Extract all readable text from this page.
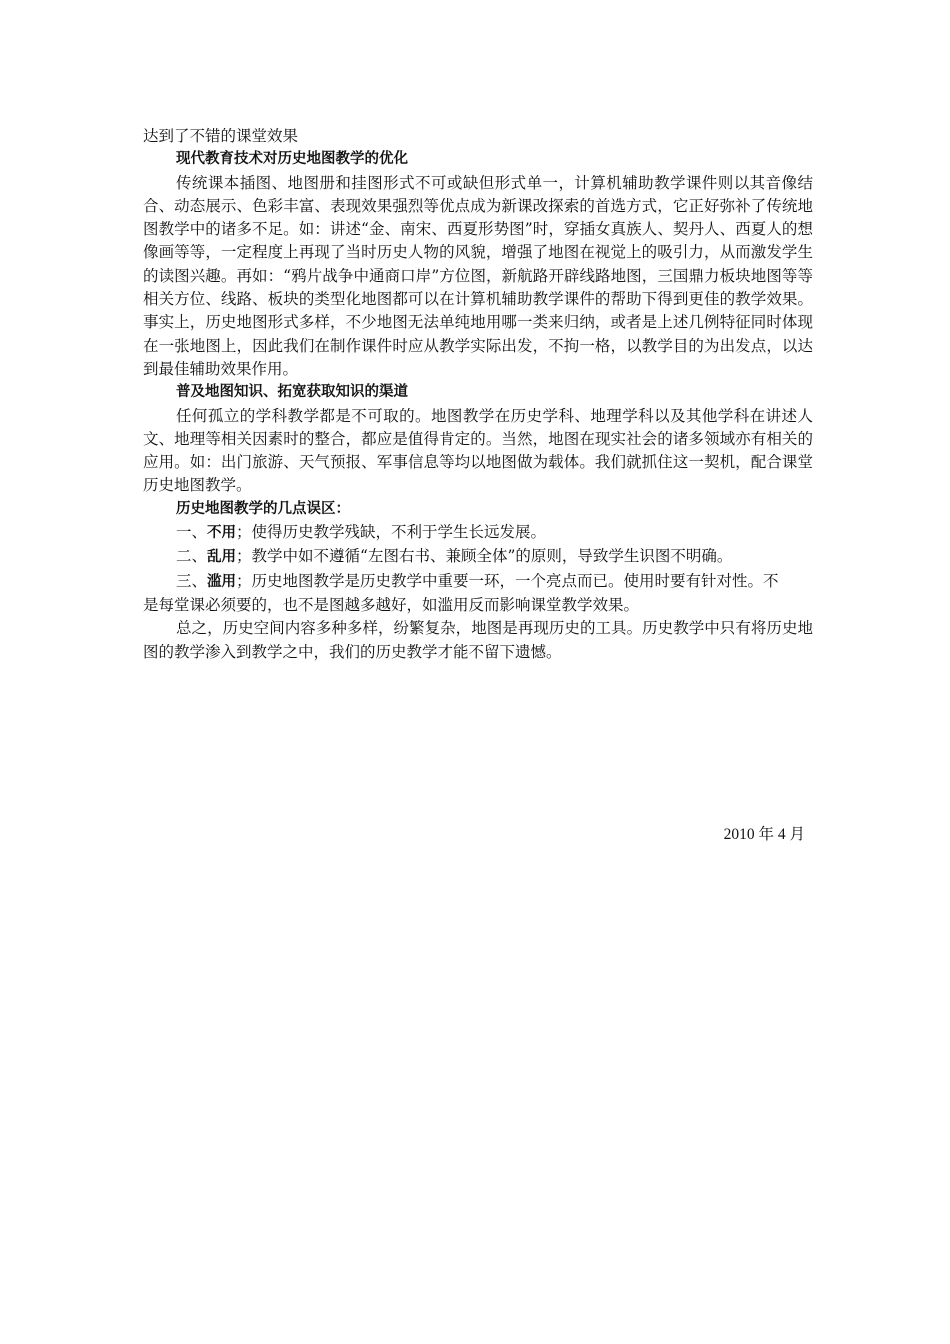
达到了不错的课堂效果

现代教育技术对历史地图教学的优化

传统课本插图、地图册和挂图形式不可或缺但形式单一，计算机辅助教学课件则以其音像结合、动态展示、色彩丰富、表现效果强烈等优点成为新课改探索的首选方式，它正好弥补了传统地图教学中的诸多不足。如：讲述“金、南宋、西夏形势图”时，穿插女真族人、契丹人、西夏人的想像画等等，一定程度上再现了当时历史人物的风貌，增强了地图在视觉上的吸引力，从而激发学生的读图兴趣。再如：“鸦片战争中通商口岸”方位图，新航路开辟线路地图，三国鼎力板块地图等等相关方位、线路、板块的类型化地图都可以在计算机辅助教学课件的帮助下得到更佳的教学效果。事实上，历史地图形式多样，不少地图无法单纯地用哪一类来归纳，或者是上述几例特征同时体现在一张地图上，因此我们在制作课件时应从教学实际出发，不拘一格，以教学目的为出发点，以达到最佳辅助效果作用。

普及地图知识、拓宽获取知识的渠道

任何孤立的学科教学都是不可取的。地图教学在历史学科、地理学科以及其他学科在讲述人文、地理等相关因素时的整合，都应是值得肯定的。当然，地图在现实社会的诸多领域亦有相关的应用。如：出门旅游、天气预报、军事信息等均以地图做为载体。我们就抓住这一契机，配合课堂历史地图教学。

历史地图教学的几点误区：

一、不用；使得历史教学残缺，不利于学生长远发展。

二、乱用；教学中如不遵循“左图右书、兼顾全体”的原则，导致学生识图不明确。

三、滥用；历史地图教学是历史教学中重要一环，一个亮点而已。使用时要有针对性。不

是每堂课必须要的，也不是图越多越好，如滥用反而影响课堂教学效果。

总之，历史空间内容多种多样，纷繁复杂，地图是再现历史的工具。历史教学中只有将历史地图的教学渗入到教学之中，我们的历史教学才能不留下遗憾。

2010 年 4 月
